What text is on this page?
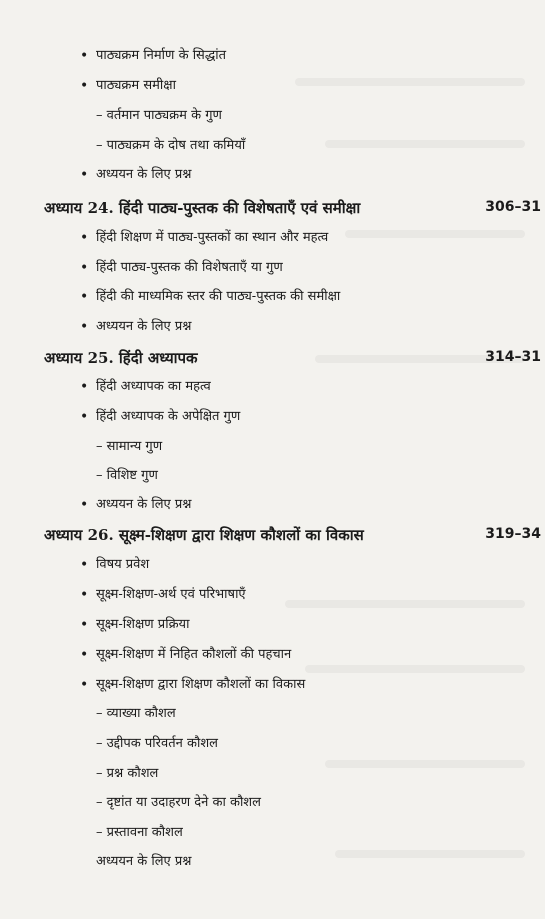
• पाठ्यक्रम निर्माण के सिद्धांत
• पाठ्यक्रम समीक्षा
– वर्तमान पाठ्यक्रम के गुण
– पाठ्यक्रम के दोष तथा कमियाँ
• अध्ययन के लिए प्रश्न
अध्याय 24. हिंदी पाठ्य-पुस्तक की विशेषताएँ एवं समीक्षा	306–31
• हिंदी शिक्षण में पाठ्य-पुस्तकों का स्थान और महत्व
• हिंदी पाठ्य-पुस्तक की विशेषताएँ या गुण
• हिंदी की माध्यमिक स्तर की पाठ्य-पुस्तक की समीक्षा
• अध्ययन के लिए प्रश्न
अध्याय 25. हिंदी अध्यापक	314–31
• हिंदी अध्यापक का महत्व
• हिंदी अध्यापक के अपेक्षित गुण
– सामान्य गुण
– विशिष्ट गुण
• अध्ययन के लिए प्रश्न
अध्याय 26. सूक्ष्म-शिक्षण द्वारा शिक्षण कौशलों का विकास	319–34
• विषय प्रवेश
• सूक्ष्म-शिक्षण-अर्थ एवं परिभाषाएँ
• सूक्ष्म-शिक्षण प्रक्रिया
• सूक्ष्म-शिक्षण में निहित कौशलों की पहचान
• सूक्ष्म-शिक्षण द्वारा शिक्षण कौशलों का विकास
– व्याख्या कौशल
– उद्दीपक परिवर्तन कौशल
– प्रश्न कौशल
– दृष्टांत या उदाहरण देने का कौशल
– प्रस्तावना कौशल
अध्ययन के लिए प्रश्न
